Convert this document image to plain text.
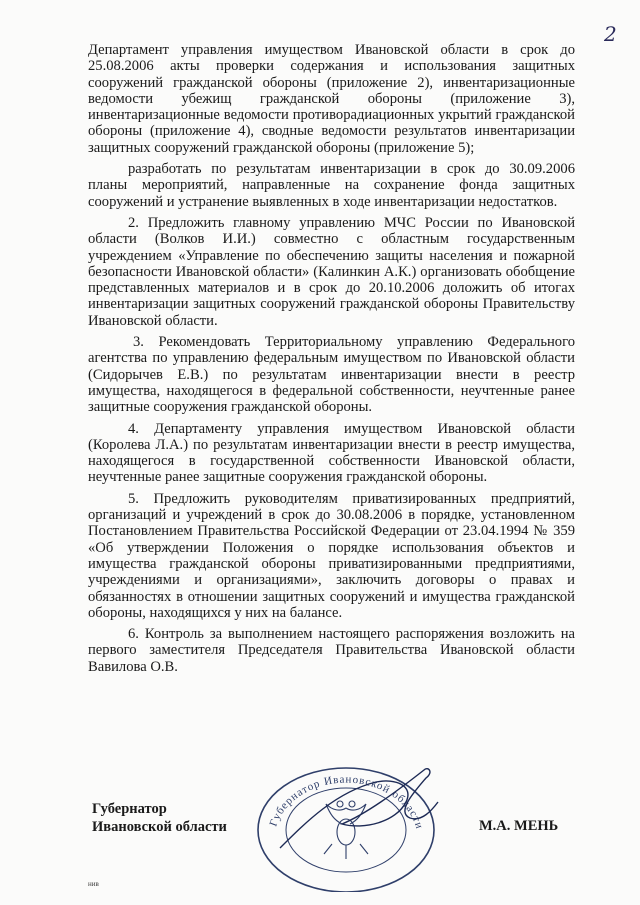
2

Департамент управления имуществом Ивановской области в срок до 25.08.2006 акты проверки содержания и использования защитных сооружений гражданской обороны (приложение 2), инвентаризационные ведомости убежищ гражданской обороны (приложение 3), инвентаризационные ведомости противорадиационных укрытий гражданской обороны (приложение 4), сводные ведомости результатов инвентаризации защитных сооружений гражданской обороны (приложение 5);

разработать по результатам инвентаризации в срок до 30.09.2006 планы мероприятий, направленные на сохранение фонда защитных сооружений и устранение выявленных в ходе инвентаризации недостатков.

2. Предложить главному управлению МЧС России по Ивановской области (Волков И.И.) совместно с областным государственным учреждением «Управление по обеспечению защиты населения и пожарной безопасности Ивановской области» (Калинкин А.К.) организовать обобщение представленных материалов и в срок до 20.10.2006 доложить об итогах инвентаризации защитных сооружений гражданской обороны Правительству Ивановской области.

3. Рекомендовать Территориальному управлению Федерального агентства по управлению федеральным имуществом по Ивановской области (Сидорычев Е.В.) по результатам инвентаризации внести в реестр имущества, находящегося в федеральной собственности, неучтенные ранее защитные сооружения гражданской обороны.

4. Департаменту управления имуществом Ивановской области (Королева Л.А.) по результатам инвентаризации внести в реестр имущества, находящегося в государственной собственности Ивановской области, неучтенные ранее защитные сооружения гражданской обороны.

5. Предложить руководителям приватизированных предприятий, организаций и учреждений в срок до 30.08.2006 в порядке, установленном Постановлением Правительства Российской Федерации от 23.04.1994 № 359 «Об утверждении Положения о порядке использования объектов и имущества гражданской обороны приватизированными предприятиями, учреждениями и организациями», заключить договоры о правах и обязанностях в отношении защитных сооружений и имущества гражданской обороны, находящихся у них на балансе.

6. Контроль за выполнением настоящего распоряжения возложить на первого заместителя Председателя Правительства Ивановской области Вавилова О.В.

Губернатор Ивановской области
Губернатор
Ивановской области	М.А. МЕНЬ
нив
